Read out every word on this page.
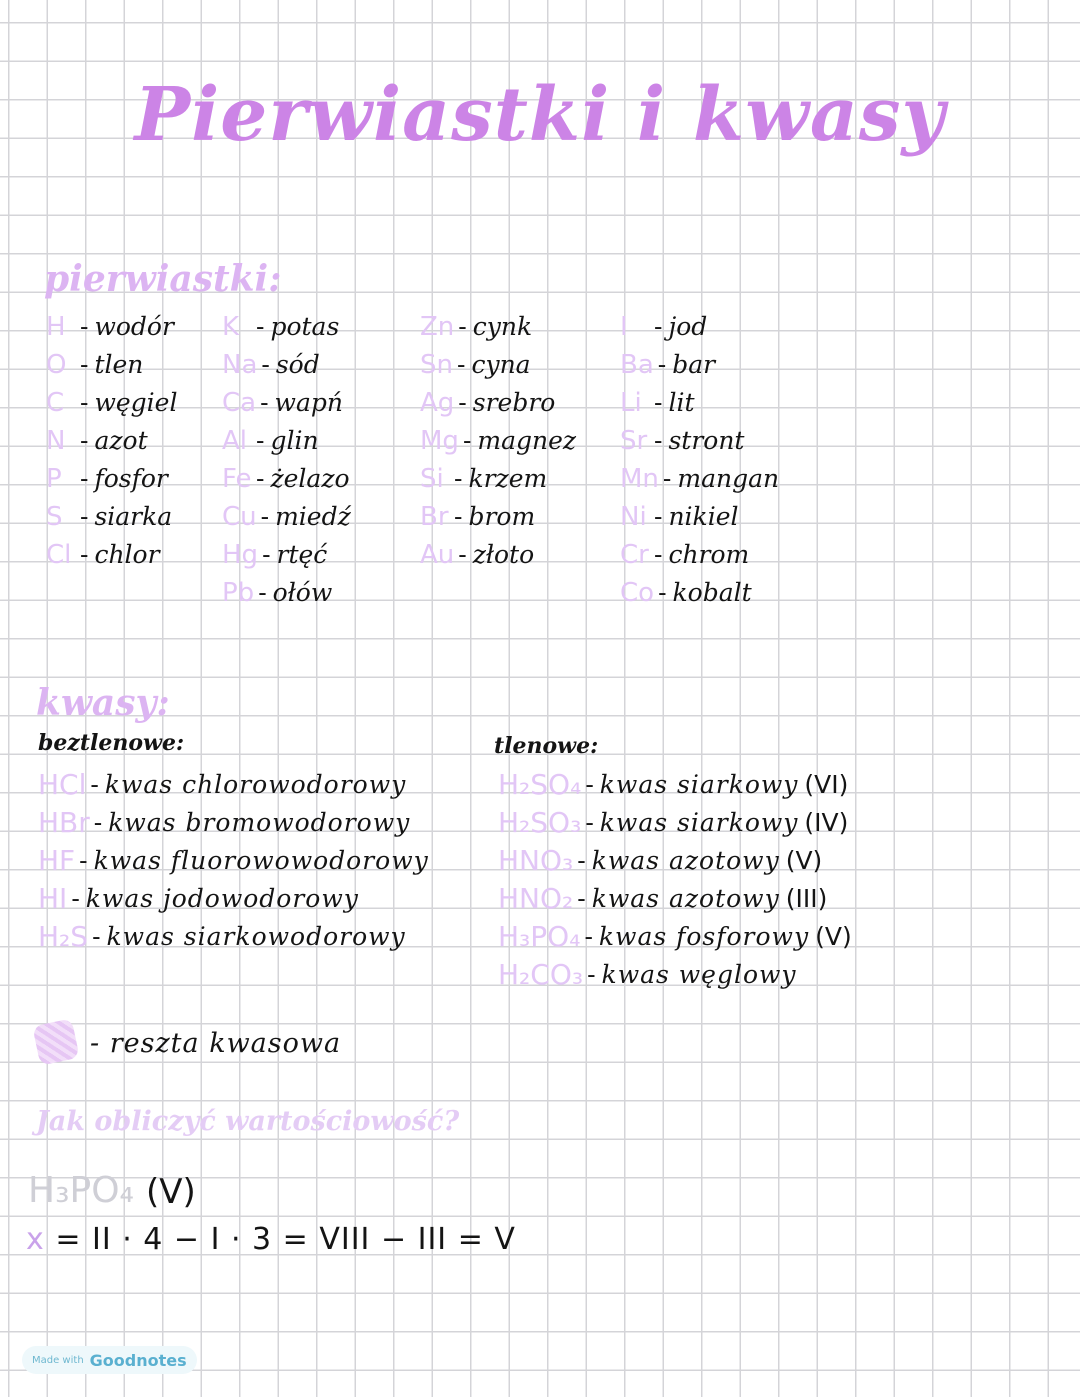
Pierwiastki i kwasy
pierwiastki:
H - wodór
O - tlen
C - węgiel
N - azot
P - fosfor
S - siarka
Cl - chlor
K - potas
Na - sód
Ca - wapń
Al - glin
Fe - żelazo
Cu - miedź
Hg - rtęć
Pb - ołów
Zn - cynk
Sn - cyna
Ag - srebro
Mg - magnez
Si - krzem
Br - brom
Au - złoto
I	- jod
Ba - bar
Li - lit
Sr - stront
Mn - mangan
Ni - nikiel
Cr - chrom
Co - kobalt
kwasy:
beztlenowe:	tlenowe:
HCl - kwas chlorowodorowy
HBr - kwas bromowodorowy
HF - kwas fluorowowodorowy
HI - kwas jodowodorowy
H₂S - kwas siarkowodorowy
H₂SO₄ - kwas siarkowy (VI)
H₂SO₃ - kwas siarkowy (IV)
HNO₃ - kwas azotowy (V)
HNO₂ - kwas azotowy (III)
H₃PO₄ - kwas fosforowy (V)
H₂CO₃ - kwas węglowy
- reszta kwasowa
Jak obliczyć wartościowość?
H₃PO₄ (V)
x = II · 4 − I · 3 = VIII − III = V
Made with Goodnotes
